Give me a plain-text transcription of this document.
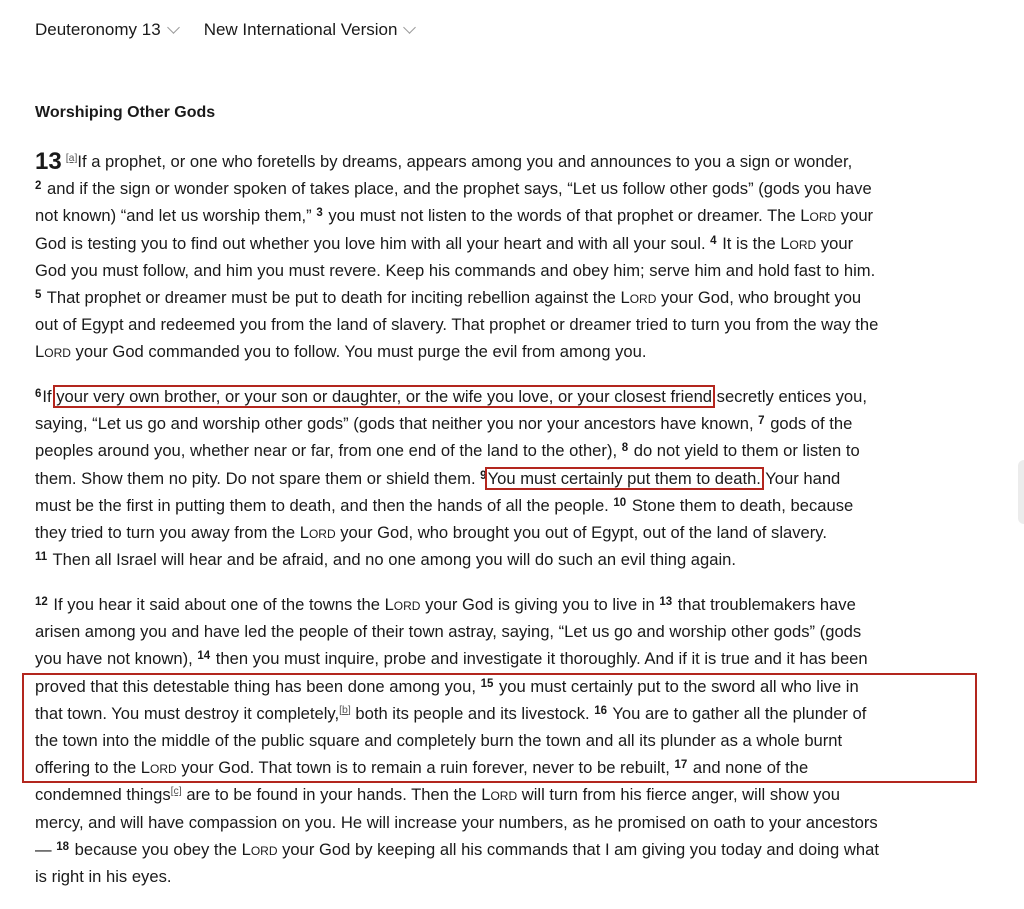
Deuteronomy 13	New International Version
Worshiping Other Gods
13 [a]If a prophet, or one who foretells by dreams, appears among you and announces to you a sign or wonder,
$^2$ and if the sign or wonder spoken of takes place, and the prophet says, “Let us follow other gods” (gods you have
not known) “and let us worship them,” $^3$ you must not listen to the words of that prophet or dreamer. The Lord your
God is testing you to find out whether you love him with all your heart and with all your soul. $^4$ It is the Lord your
God you must follow, and him you must revere. Keep his commands and obey him; serve him and hold fast to him.
$^5$ That prophet or dreamer must be put to death for inciting rebellion against the Lord your God, who brought you
out of Egypt and redeemed you from the land of slavery. That prophet or dreamer tried to turn you from the way the
Lord your God commanded you to follow. You must purge the evil from among you.
$^6$If your very own brother, or your son or daughter, or the wife you love, or your closest friend secretly entices you,
saying, “Let us go and worship other gods” (gods that neither you nor your ancestors have known, $^7$ gods of the
peoples around you, whether near or far, from one end of the land to the other), $^8$ do not yield to them or listen to
them. Show them no pity. Do not spare them or shield them. $^9$You must certainly put them to death. Your hand
must be the first in putting them to death, and then the hands of all the people. $^{10}$ Stone them to death, because
they tried to turn you away from the Lord your God, who brought you out of Egypt, out of the land of slavery.
$^{11}$ Then all Israel will hear and be afraid, and no one among you will do such an evil thing again.
$^{12}$ If you hear it said about one of the towns the Lord your God is giving you to live in $^{13}$ that troublemakers have
arisen among you and have led the people of their town astray, saying, “Let us go and worship other gods” (gods
you have not known), $^{14}$ then you must inquire, probe and investigate it thoroughly. And if it is true and it has been
proved that this detestable thing has been done among you, $^{15}$ you must certainly put to the sword all who live in
that town. You must destroy it completely,[b] both its people and its livestock. $^{16}$ You are to gather all the plunder of
the town into the middle of the public square and completely burn the town and all its plunder as a whole burnt
offering to the Lord your God. That town is to remain a ruin forever, never to be rebuilt, $^{17}$ and none of the
condemned things[c] are to be found in your hands. Then the Lord will turn from his fierce anger, will show you
mercy, and will have compassion on you. He will increase your numbers, as he promised on oath to your ancestors
— $^{18}$ because you obey the Lord your God by keeping all his commands that I am giving you today and doing what
is right in his eyes.
